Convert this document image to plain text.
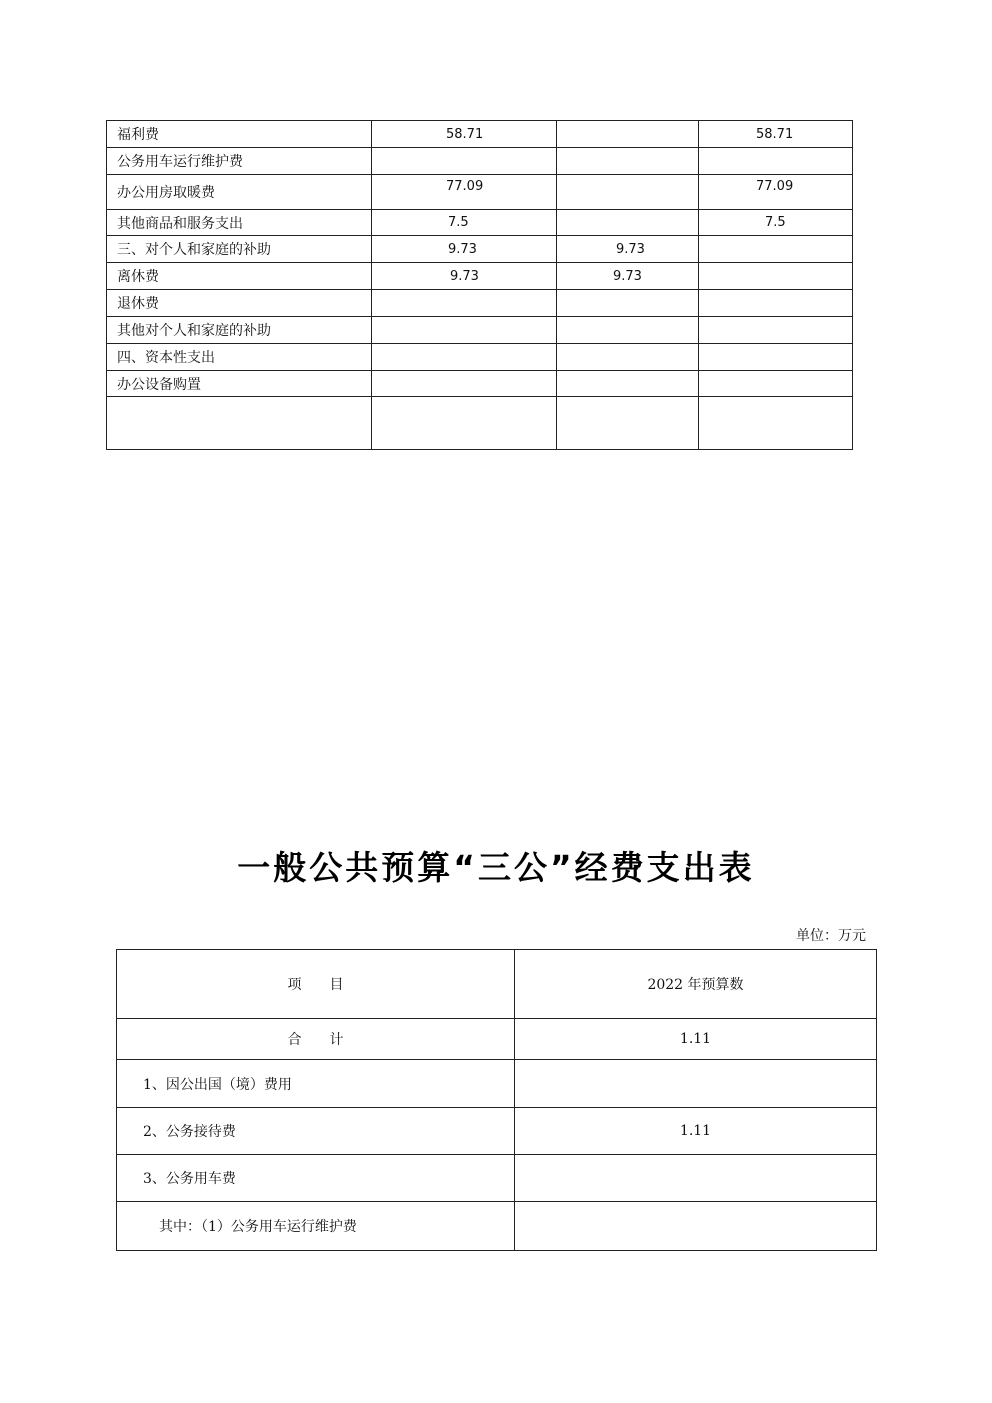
福利费	58.71		58.71
公务用车运行维护费			
办公用房取暖费	77.09		77.09
其他商品和服务支出	7.5		7.5
三、对个人和家庭的补助	9.73	9.73	
离休费	9.73	9.73	
退休费			
其他对个人和家庭的补助			
四、资本性支出			
办公设备购置			

一般公共预算“三公”经费支出表
单位：万元
项　　目	2022 年预算数
合　　计	1.11
1、因公出国（境）费用	
2、公务接待费	1.11
3、公务用车费	
其中：（1）公务用车运行维护费	
